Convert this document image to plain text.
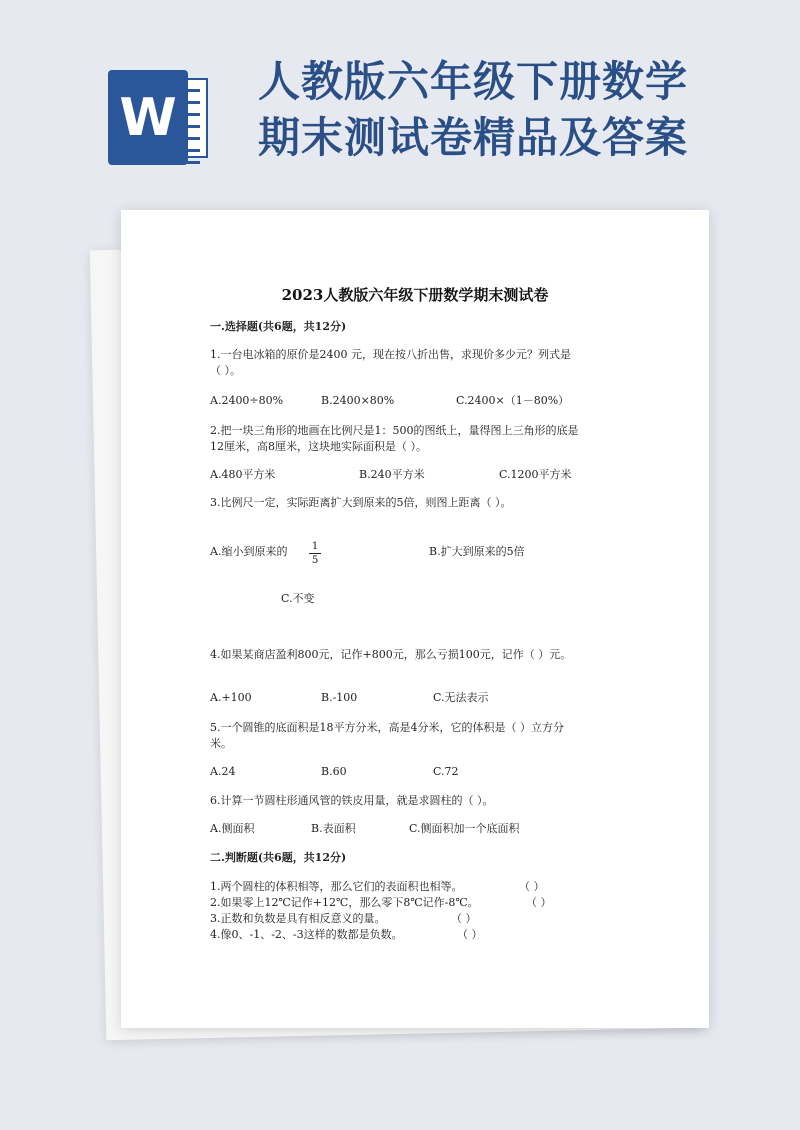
人教版六年级下册数学
期末测试卷精品及答案
W
2023人教版六年级下册数学期末测试卷
一.选择题(共6题，共12分)
1.一台电冰箱的原价是2400 元，现在按八折出售，求现价多少元？列式是
（ ）。
A.2400÷80%	B.2400×80%	C.2400×（1－80%）
2.把一块三角形的地画在比例尺是1：500的图纸上，量得图上三角形的底是
12厘米，高8厘米，这块地实际面积是（ ）。
A.480平方米	B.240平方米	C.1200平方米
3.比例尺一定，实际距离扩大到原来的5倍，则图上距离（ ）。
A.缩小到原来的 1
5
B.扩大到原来的5倍
C.不变
4.如果某商店盈利800元，记作+800元，那么亏损100元，记作（ ）元。
A.+100	B.-100	C.无法表示
5.一个圆锥的底面积是18平方分米，高是4分米，它的体积是（ ）立方分
米。
A.24	B.60	C.72
6.计算一节圆柱形通风管的铁皮用量，就是求圆柱的（ ）。
A.侧面积	B.表面积	C.侧面积加一个底面积
二.判断题(共6题，共12分)
1.两个圆柱的体积相等，那么它们的表面积也相等。	（ ）
2.如果零上12℃记作+12℃，那么零下8℃记作-8℃。	（ ）
3.正数和负数是具有相反意义的量。	（ ）
4.像0、-1、-2、-3这样的数都是负数。	（ ）
